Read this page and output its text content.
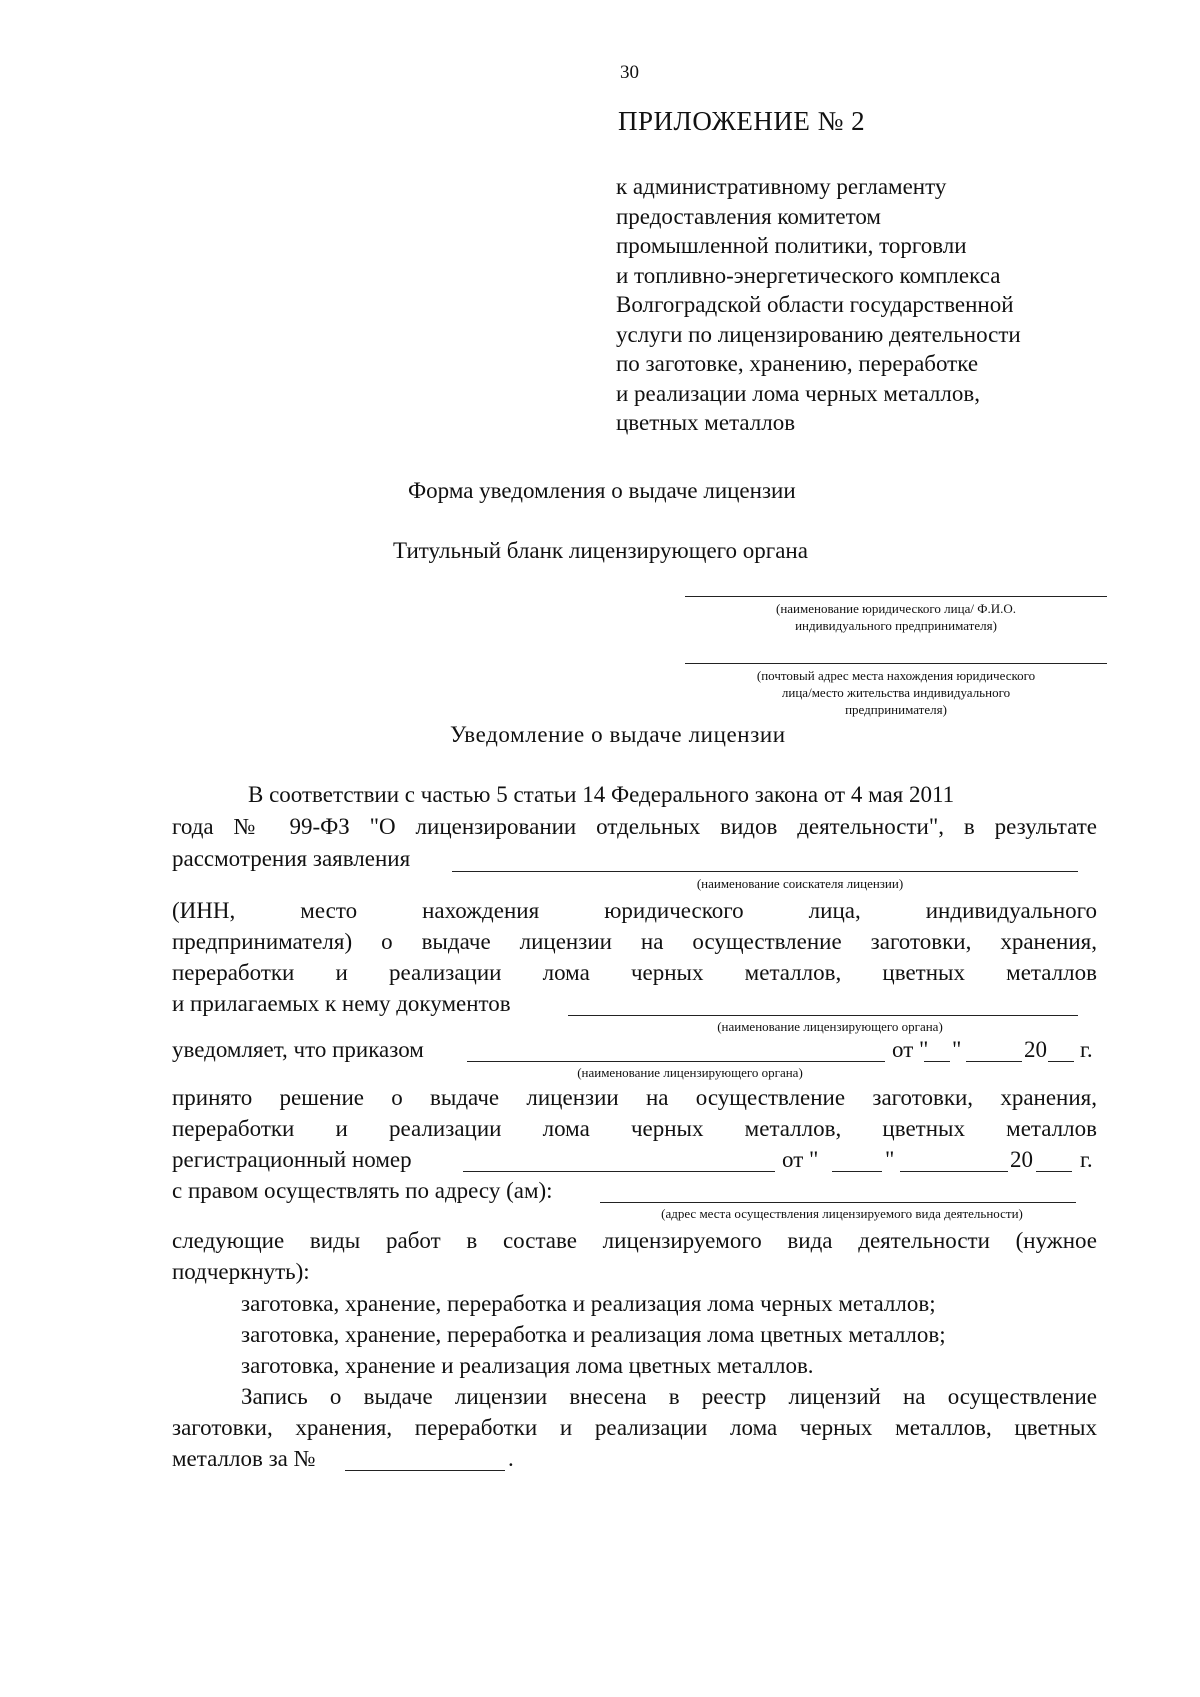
30
ПРИЛОЖЕНИЕ № 2
к административному регламенту
предоставления комитетом
промышленной политики, торговли
и топливно-энергетического комплекса
Волгоградской области государственной
услуги по лицензированию деятельности
по заготовке, хранению, переработке
и реализации лома черных металлов,
цветных металлов
Форма уведомления о выдаче лицензии
Титульный бланк лицензирующего органа
(наименование юридического лица/ Ф.И.О.
индивидуального предпринимателя)
(почтовый адрес места нахождения юридического
лица/место жительства индивидуального
предпринимателя)
Уведомление о выдаче лицензии
В соответствии с частью 5 статьи 14 Федерального закона от 4 мая 2011
года № 99-ФЗ "О лицензировании отдельных видов деятельности", в результате
рассмотрения заявления
(наименование соискателя лицензии)
(ИНН, место нахождения юридического лица, индивидуального
предпринимателя) о выдаче лицензии на осуществление заготовки, хранения,
переработки и реализации лома черных металлов, цветных металлов
и прилагаемых к нему документов
(наименование лицензирующего органа)
уведомляет, что приказом	от " "	20 г.
(наименование лицензирующего органа)
принято решение о выдаче лицензии на осуществление заготовки, хранения,
переработки и реализации лома черных металлов, цветных металлов
регистрационный номер	от "	"	20 г.
с правом осуществлять по адресу (ам):
(адрес места осуществления лицензируемого вида деятельности)
следующие виды работ в составе лицензируемого вида деятельности (нужное
подчеркнуть):
заготовка, хранение, переработка и реализация лома черных металлов;
заготовка, хранение, переработка и реализация лома цветных металлов;
заготовка, хранение и реализация лома цветных металлов.
Запись о выдаче лицензии внесена в реестр лицензий на осуществление
заготовки, хранения, переработки и реализации лома черных металлов, цветных
металлов за №	.
